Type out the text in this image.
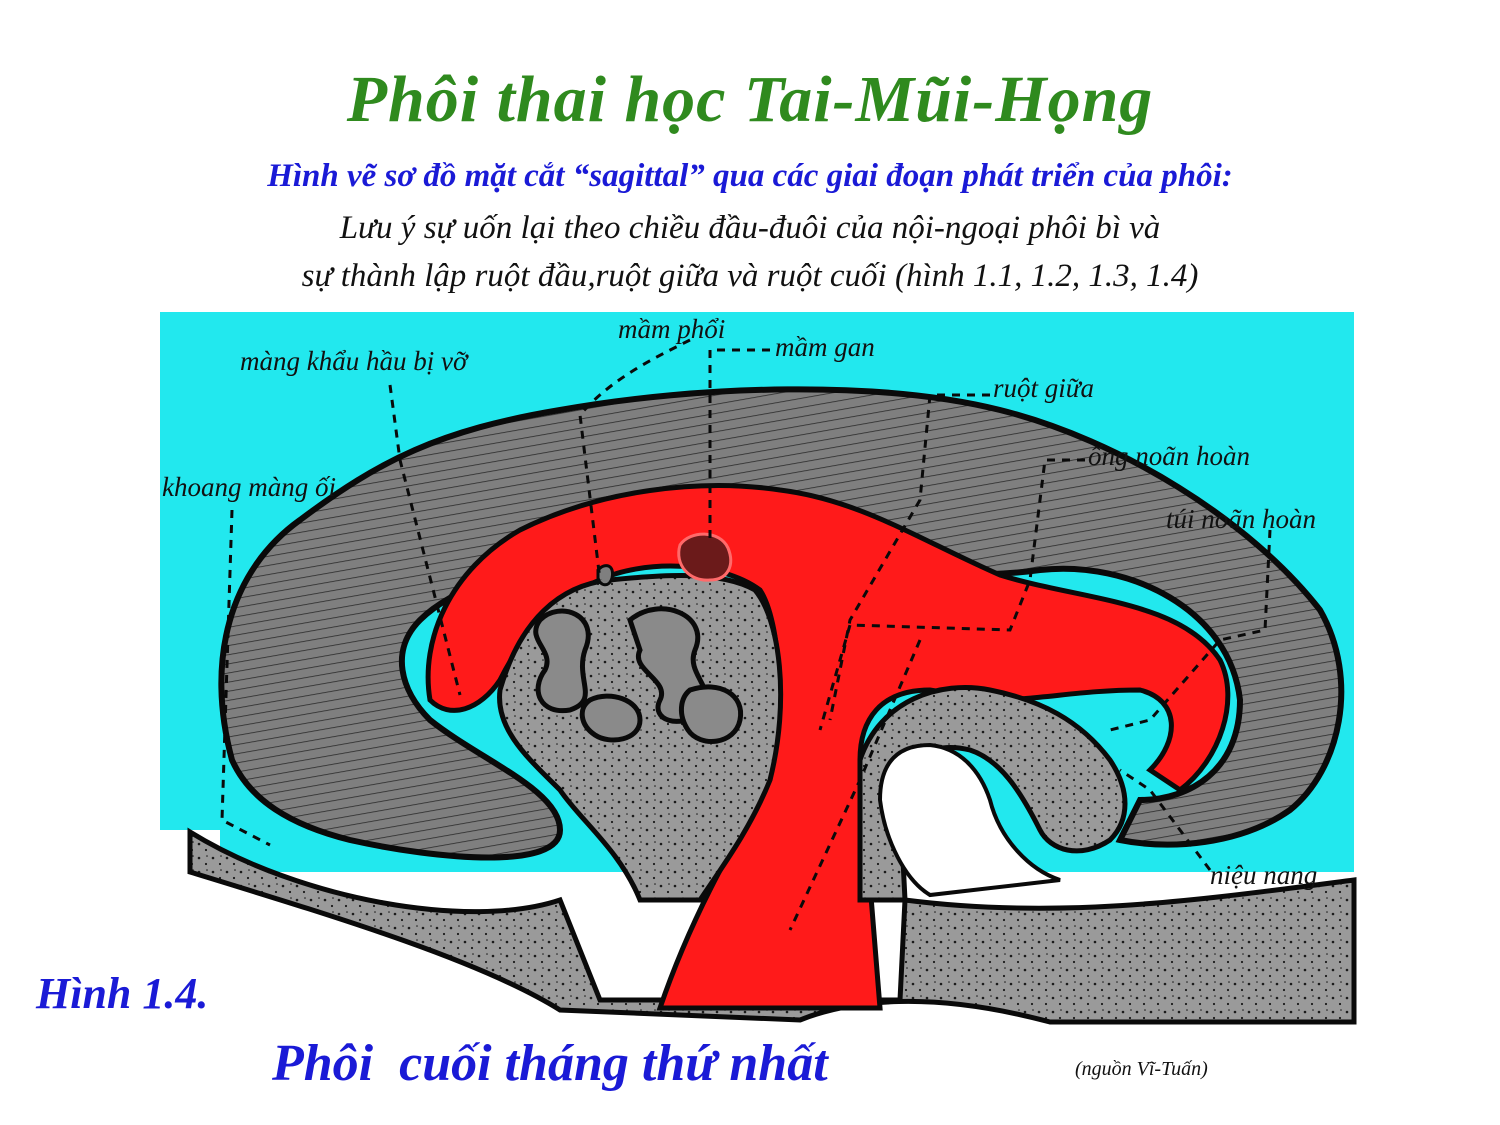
Phôi thai học Tai-Mũi-Họng
Hình vẽ sơ đồ mặt cắt “sagittal” qua các giai đoạn phát triển của phôi:
Lưu ý sự uốn lại theo chiều đầu-đuôi của nội-ngoại phôi bì và
sự thành lập ruột đầu,ruột giữa và ruột cuối (hình 1.1, 1.2, 1.3, 1.4)
mầm phổi
mầm gan
màng khẩu hầu bị vỡ
ruột giữa
ống noãn hoàn
khoang màng ối
túi noãn hoàn
niệu nang
Hình 1.4.
Phôi  cuối tháng thứ nhất	(nguồn Vĩ-Tuấn)
